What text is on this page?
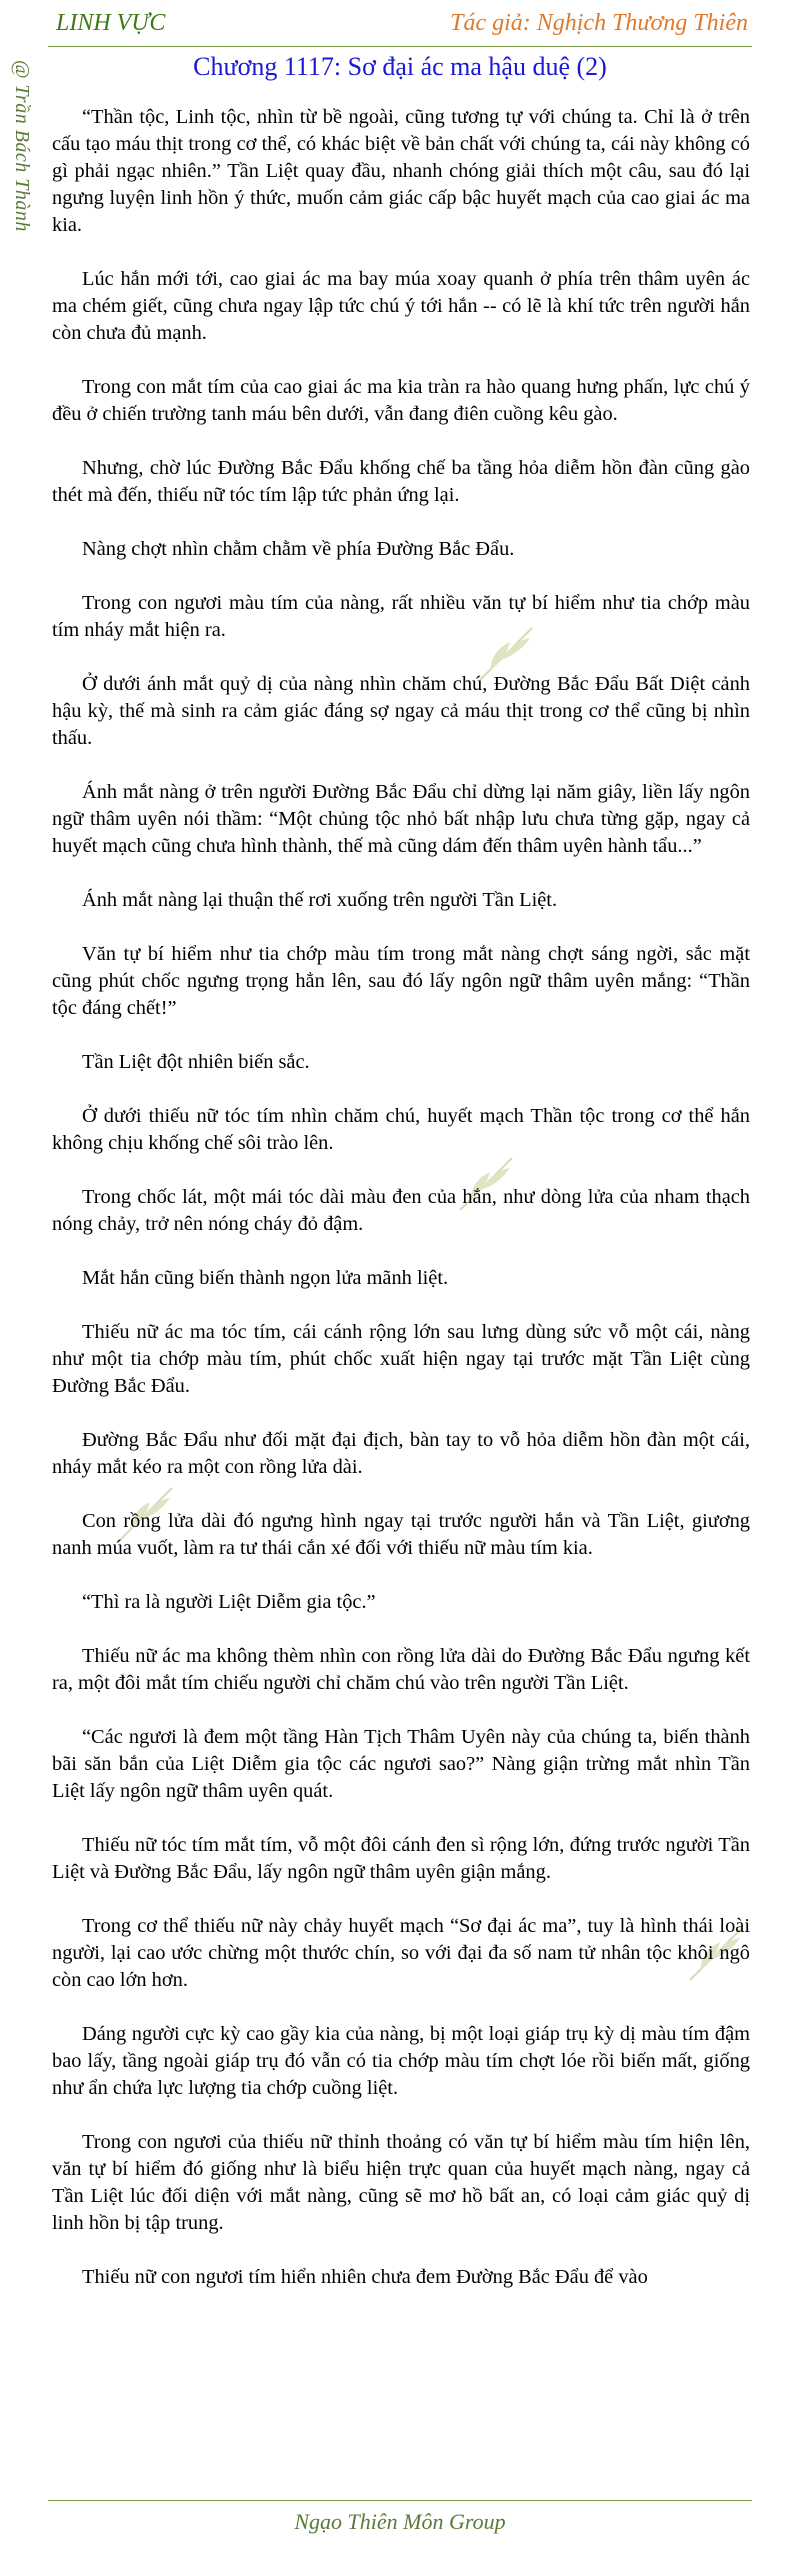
LINH VỰC	Tác giả: Nghịch Thương Thiên
@ Trần Bách Thành	Chương 1117: Sơ đại ác ma hậu duệ (2)

“Thần tộc, Linh tộc, nhìn từ bề ngoài, cũng tương tự với chúng ta. Chỉ là ở trên cấu tạo máu thịt trong cơ thể, có khác biệt về bản chất với chúng ta, cái này không có gì phải ngạc nhiên.” Tần Liệt quay đầu, nhanh chóng giải thích một câu, sau đó lại ngưng luyện linh hồn ý thức, muốn cảm giác cấp bậc huyết mạch của cao giai ác ma kia.

Lúc hắn mới tới, cao giai ác ma bay múa xoay quanh ở phía trên thâm uyên ác ma chém giết, cũng chưa ngay lập tức chú ý tới hắn -- có lẽ là khí tức trên người hắn còn chưa đủ mạnh.

Trong con mắt tím của cao giai ác ma kia tràn ra hào quang hưng phấn, lực chú ý đều ở chiến trường tanh máu bên dưới, vẫn đang điên cuồng kêu gào.

Nhưng, chờ lúc Đường Bắc Đẩu khống chế ba tầng hỏa diễm hồn đàn cũng gào thét mà đến, thiếu nữ tóc tím lập tức phản ứng lại.

Nàng chợt nhìn chằm chằm về phía Đường Bắc Đẩu.

Trong con ngươi màu tím của nàng, rất nhiều văn tự bí hiểm như tia chớp màu tím nháy mắt hiện ra.

Ở dưới ánh mắt quỷ dị của nàng nhìn chăm chú, Đường Bắc Đẩu Bất Diệt cảnh hậu kỳ, thế mà sinh ra cảm giác đáng sợ ngay cả máu thịt trong cơ thể cũng bị nhìn thấu.

Ánh mắt nàng ở trên người Đường Bắc Đẩu chỉ dừng lại năm giây, liền lấy ngôn ngữ thâm uyên nói thầm: “Một chủng tộc nhỏ bất nhập lưu chưa từng gặp, ngay cả huyết mạch cũng chưa hình thành, thế mà cũng dám đến thâm uyên hành tẩu...”

Ánh mắt nàng lại thuận thế rơi xuống trên người Tần Liệt.

Văn tự bí hiểm như tia chớp màu tím trong mắt nàng chợt sáng ngời, sắc mặt cũng phút chốc ngưng trọng hẳn lên, sau đó lấy ngôn ngữ thâm uyên mắng: “Thần tộc đáng chết!”

Tần Liệt đột nhiên biến sắc.

Ở dưới thiếu nữ tóc tím nhìn chăm chú, huyết mạch Thần tộc trong cơ thể hắn không chịu khống chế sôi trào lên.

Trong chốc lát, một mái tóc dài màu đen của hắn, như dòng lửa của nham thạch nóng chảy, trở nên nóng cháy đỏ đậm.

Mắt hắn cũng biến thành ngọn lửa mãnh liệt.

Thiếu nữ ác ma tóc tím, cái cánh rộng lớn sau lưng dùng sức vỗ một cái, nàng như một tia chớp màu tím, phút chốc xuất hiện ngay tại trước mặt Tần Liệt cùng Đường Bắc Đẩu.

Đường Bắc Đẩu như đối mặt đại địch, bàn tay to vỗ hỏa diễm hồn đàn một cái, nháy mắt kéo ra một con rồng lửa dài.

Con rồng lửa dài đó ngưng hình ngay tại trước người hắn và Tần Liệt, giương nanh múa vuốt, làm ra tư thái cắn xé đối với thiếu nữ màu tím kia.

“Thì ra là người Liệt Diễm gia tộc.”

Thiếu nữ ác ma không thèm nhìn con rồng lửa dài do Đường Bắc Đẩu ngưng kết ra, một đôi mắt tím chiếu người chỉ chăm chú vào trên người Tần Liệt.

“Các ngươi là đem một tầng Hàn Tịch Thâm Uyên này của chúng ta, biến thành bãi săn bắn của Liệt Diễm gia tộc các ngươi sao?” Nàng giận trừng mắt nhìn Tần Liệt lấy ngôn ngữ thâm uyên quát.

Thiếu nữ tóc tím mắt tím, vỗ một đôi cánh đen sì rộng lớn, đứng trước người Tần Liệt và Đường Bắc Đẩu, lấy ngôn ngữ thâm uyên giận mắng.

Trong cơ thể thiếu nữ này chảy huyết mạch “Sơ đại ác ma”, tuy là hình thái loài người, lại cao ước chừng một thước chín, so với đại đa số nam tử nhân tộc khôi ngô còn cao lớn hơn.

Dáng người cực kỳ cao gầy kia của nàng, bị một loại giáp trụ kỳ dị màu tím đậm bao lấy, tầng ngoài giáp trụ đó vẫn có tia chớp màu tím chợt lóe rồi biến mất, giống như ẩn chứa lực lượng tia chớp cuồng liệt.

Trong con ngươi của thiếu nữ thỉnh thoảng có văn tự bí hiểm màu tím hiện lên, văn tự bí hiểm đó giống như là biểu hiện trực quan của huyết mạch nàng, ngay cả Tần Liệt lúc đối diện với mắt nàng, cũng sẽ mơ hồ bất an, có loại cảm giác quỷ dị linh hồn bị tập trung.

Thiếu nữ con ngươi tím hiển nhiên chưa đem Đường Bắc Đẩu để vào

Ngạo Thiên Môn Group
